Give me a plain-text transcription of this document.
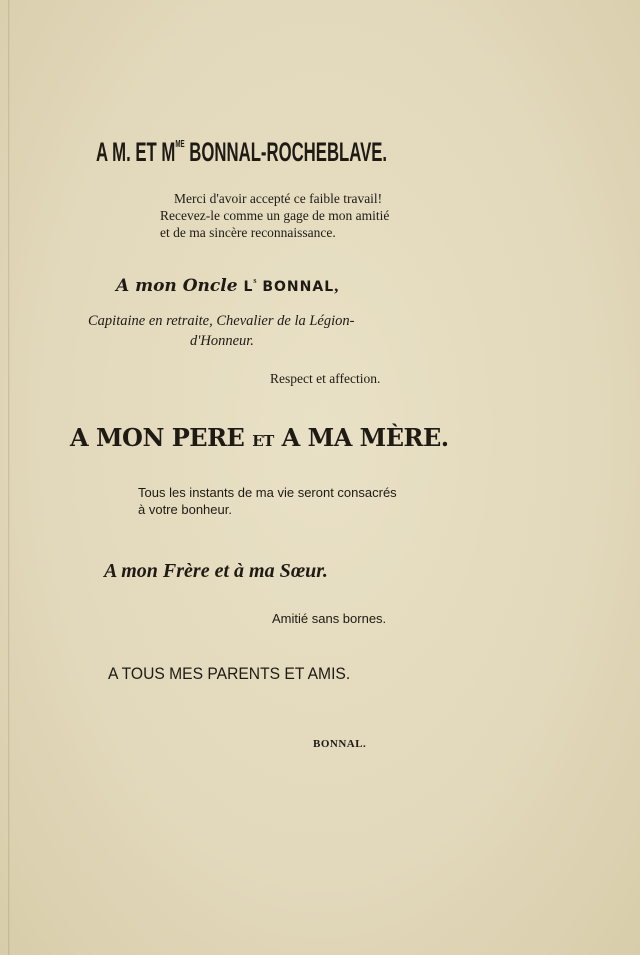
A M. ET $M^{ME}$ BONNAL-ROCHEBLAVE.
Merci d'avoir accepté ce faible travail!
Recevez-le comme un gage de mon amitié
et de ma sincère reconnaissance.
A mon Oncle $L^s$ BONNAL,
Capitaine en retraite, Chevalier de la Légion-
d'Honneur.
Respect et affection.
A MON PERE ET A MA MÈRE.
Tous les instants de ma vie seront consacrés
à votre bonheur.
A mon Frère et à ma Sœur.
Amitié sans bornes.
A TOUS MES PARENTS ET AMIS.
BONNAL.
